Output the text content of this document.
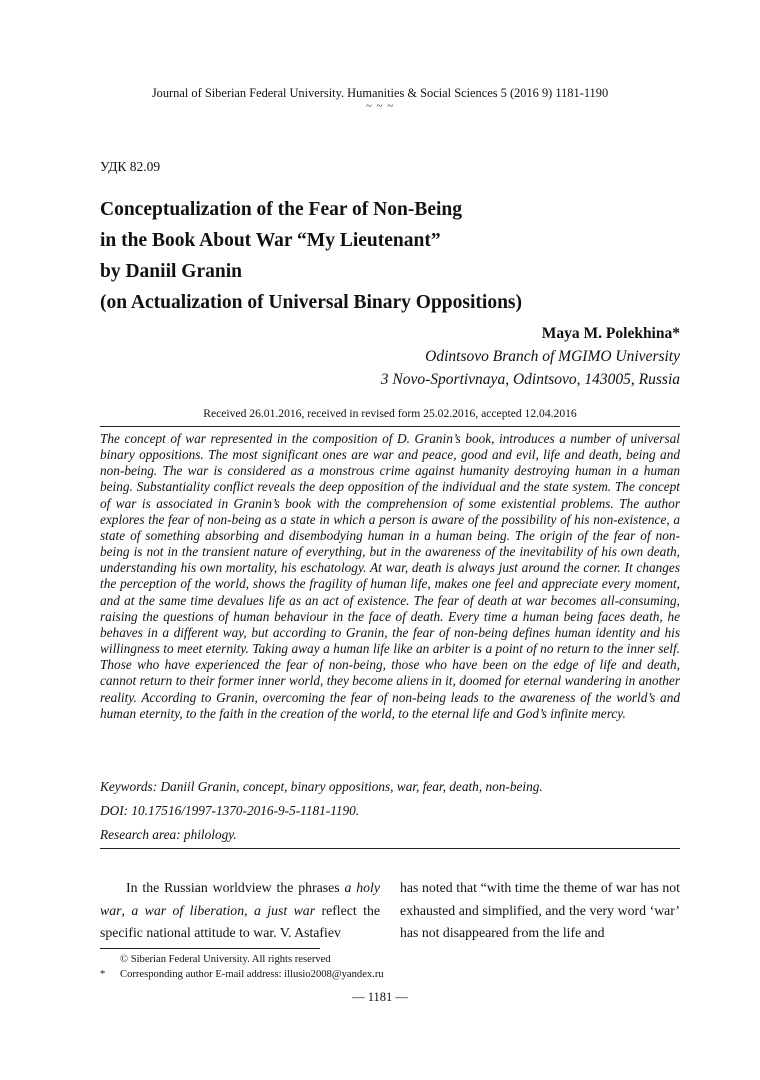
Journal of Siberian Federal University. Humanities & Social Sciences 5 (2016 9) 1181-1190
~ ~ ~
УДК 82.09
Conceptualization of the Fear of Non-Being
in the Book About War “My Lieutenant”
by Daniil Granin
(on Actualization of Universal Binary Oppositions)
Maya M. Polekhina*
Odintsovo Branch of MGIMO University
3 Novo-Sportivnaya, Odintsovo, 143005, Russia
Received 26.01.2016, received in revised form 25.02.2016, accepted 12.04.2016
The concept of war represented in the composition of D. Granin’s book, introduces a number of universal binary oppositions. The most significant ones are war and peace, good and evil, life and death, being and non-being. The war is considered as a monstrous crime against humanity destroying human in a human being. Substantiality conflict reveals the deep opposition of the individual and the state system. The concept of war is associated in Granin’s book with the comprehension of some existential problems. The author explores the fear of non-being as a state in which a person is aware of the possibility of his non-existence, a state of something absorbing and disembodying human in a human being. The origin of the fear of non-being is not in the transient nature of everything, but in the awareness of the inevitability of his own death, understanding his own mortality, his eschatology. At war, death is always just around the corner. It changes the perception of the world, shows the fragility of human life, makes one feel and appreciate every moment, and at the same time devalues life as an act of existence. The fear of death at war becomes all-consuming, raising the questions of human behaviour in the face of death. Every time a human being faces death, he behaves in a different way, but according to Granin, the fear of non-being defines human identity and his willingness to meet eternity. Taking away a human life like an arbiter is a point of no return to the inner self. Those who have experienced the fear of non-being, those who have been on the edge of life and death, cannot return to their former inner world, they become aliens in it, doomed for eternal wandering in another reality. According to Granin, overcoming the fear of non-being leads to the awareness of the world’s and human eternity, to the faith in the creation of the world, to the eternal life and God’s infinite mercy.
Keywords: Daniil Granin, concept, binary oppositions, war, fear, death, non-being.
DOI: 10.17516/1997-1370-2016-9-5-1181-1190.
Research area: philology.
In the Russian worldview the phrases a holy war, a war of liberation, a just war reflect the specific national attitude to war. V. Astafiev
has noted that “with time the theme of war has not exhausted and simplified, and the very word ‘war’ has not disappeared from the life and
© Siberian Federal University. All rights reserved
*	Corresponding author E-mail address: illusio2008@yandex.ru
— 1181 —
